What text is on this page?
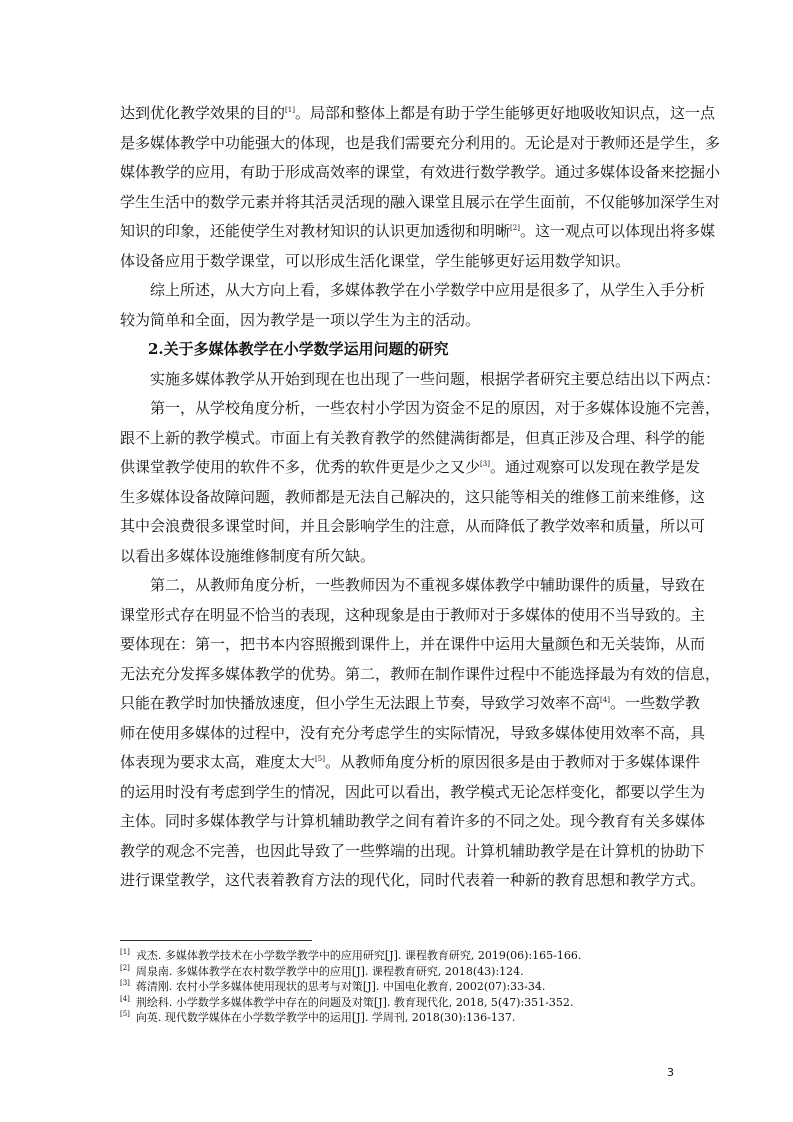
达到优化教学效果的目的[1]。局部和整体上都是有助于学生能够更好地吸收知识点，这一点
是多媒体教学中功能强大的体现，也是我们需要充分利用的。无论是对于教师还是学生，多
媒体教学的应用，有助于形成高效率的课堂，有效进行数学教学。通过多媒体设备来挖掘小
学生生活中的数学元素并将其活灵活现的融入课堂且展示在学生面前，不仅能够加深学生对
知识的印象，还能使学生对教材知识的认识更加透彻和明晰[2]。这一观点可以体现出将多媒
体设备应用于数学课堂，可以形成生活化课堂，学生能够更好运用数学知识。
综上所述，从大方向上看，多媒体教学在小学数学中应用是很多了，从学生入手分析
较为简单和全面，因为教学是一项以学生为主的活动。
2.关于多媒体教学在小学数学运用问题的研究
实施多媒体教学从开始到现在也出现了一些问题，根据学者研究主要总结出以下两点：
第一，从学校角度分析，一些农村小学因为资金不足的原因，对于多媒体设施不完善，
跟不上新的教学模式。市面上有关教育教学的然健满街都是，但真正涉及合理、科学的能
供课堂教学使用的软件不多，优秀的软件更是少之又少[3]。通过观察可以发现在教学是发
生多媒体设备故障问题，教师都是无法自己解决的，这只能等相关的维修工前来维修，这
其中会浪费很多课堂时间，并且会影响学生的注意，从而降低了教学效率和质量，所以可
以看出多媒体设施维修制度有所欠缺。
第二，从教师角度分析，一些教师因为不重视多媒体教学中辅助课件的质量，导致在
课堂形式存在明显不恰当的表现，这种现象是由于教师对于多媒体的使用不当导致的。主
要体现在：第一，把书本内容照搬到课件上，并在课件中运用大量颜色和无关装饰，从而
无法充分发挥多媒体教学的优势。第二，教师在制作课件过程中不能选择最为有效的信息，
只能在教学时加快播放速度，但小学生无法跟上节奏，导致学习效率不高[4]。一些数学教
师在使用多媒体的过程中，没有充分考虑学生的实际情况，导致多媒体使用效率不高，具
体表现为要求太高，难度太大[5]。从教师角度分析的原因很多是由于教师对于多媒体课件
的运用时没有考虑到学生的情况，因此可以看出，教学模式无论怎样变化，都要以学生为
主体。同时多媒体教学与计算机辅助教学之间有着许多的不同之处。现今教育有关多媒体
教学的观念不完善，也因此导致了一些弊端的出现。计算机辅助教学是在计算机的协助下
进行课堂教学，这代表着教育方法的现代化，同时代表着一种新的教育思想和教学方式。
[1] 戎杰. 多媒体教学技术在小学数学教学中的应用研究[J]. 课程教育研究, 2019(06):165-166.
[2] 周泉南. 多媒体教学在农村数学教学中的应用[J]. 课程教育研究, 2018(43):124.
[3] 蒋清刚. 农村小学多媒体使用现状的思考与对策[J]. 中国电化教育, 2002(07):33-34.
[4] 荆绘科. 小学数学多媒体教学中存在的问题及对策[J]. 教育现代化, 2018, 5(47):351-352.
[5] 向英. 现代数学媒体在小学数学教学中的运用[J]. 学周刊, 2018(30):136-137.
3
